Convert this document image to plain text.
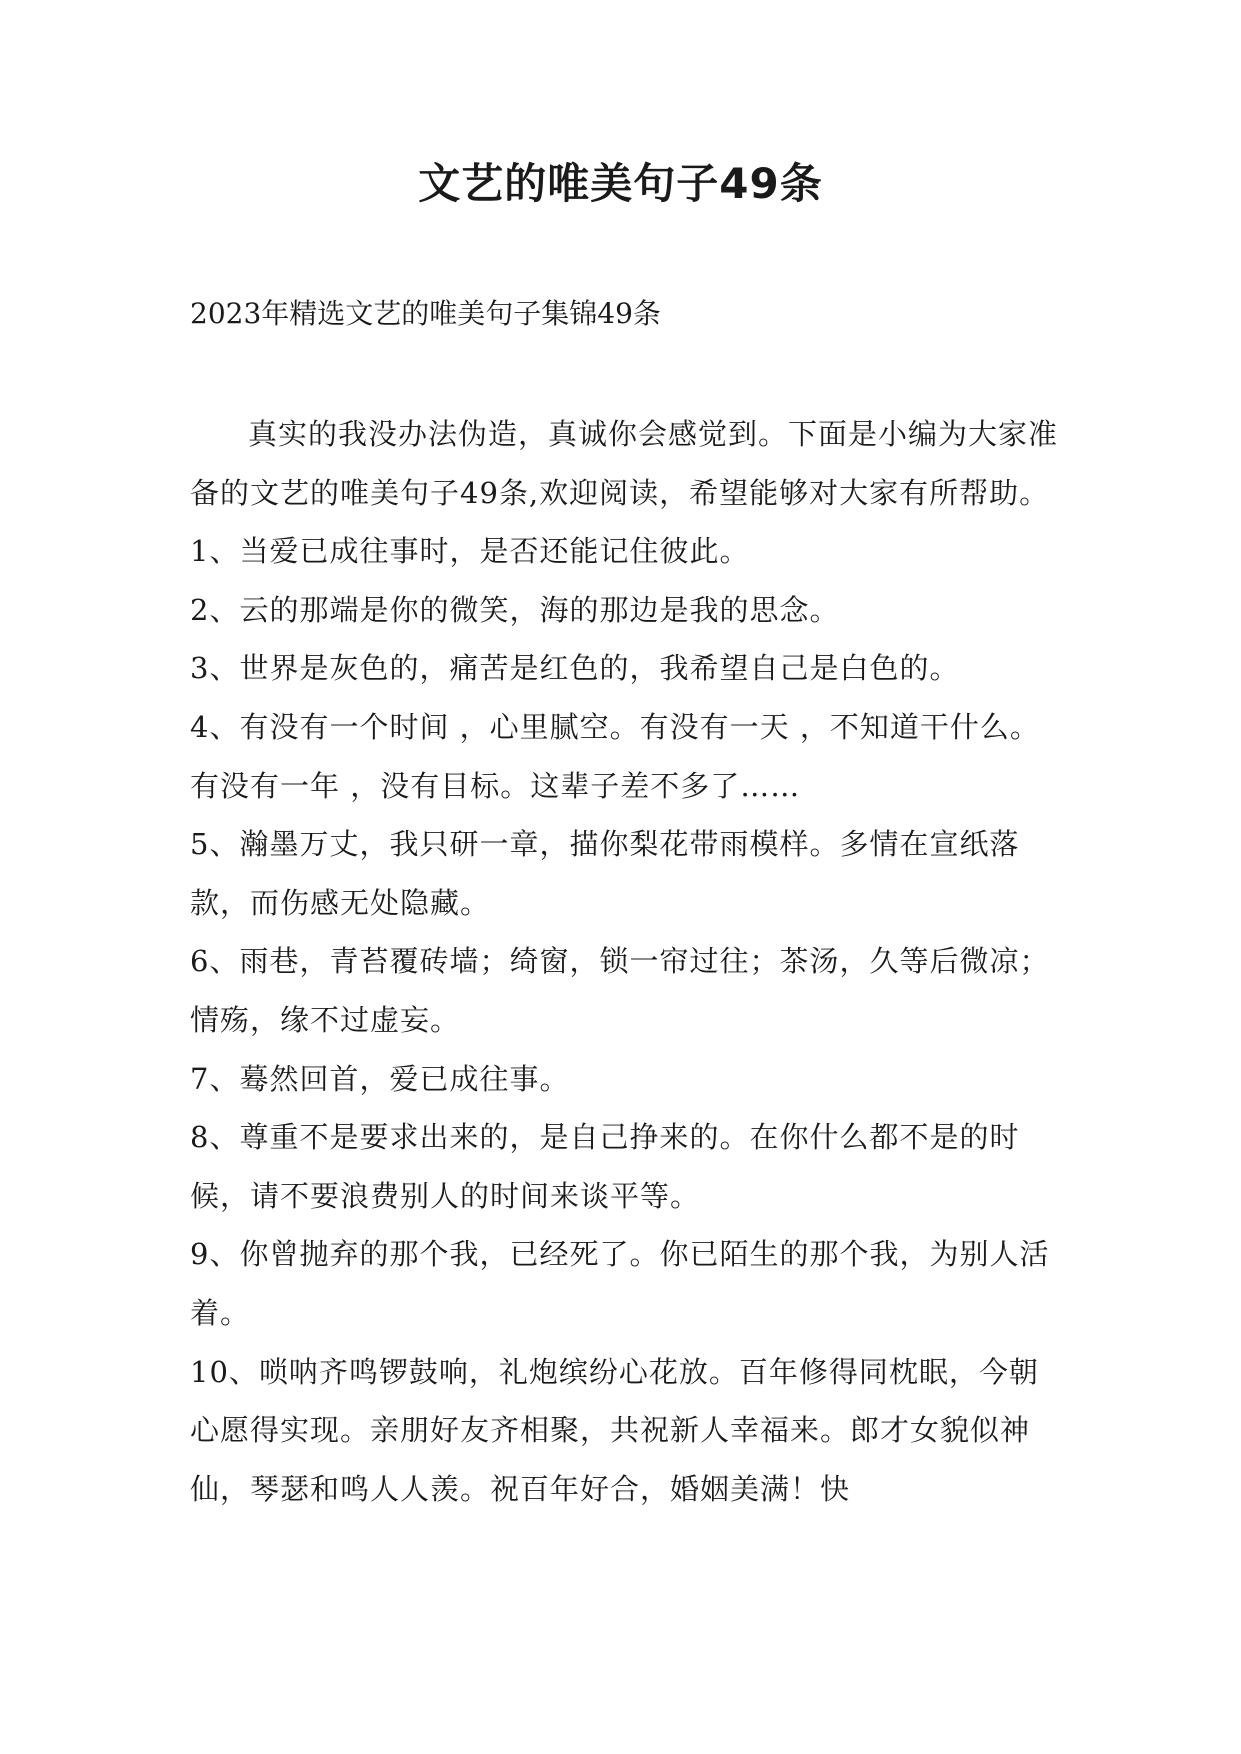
文艺的唯美句子49条
2023年精选文艺的唯美句子集锦49条

真实的我没办法伪造，真诚你会感觉到。下面是小编为大家准备的文艺的唯美句子49条,欢迎阅读，希望能够对大家有所帮助。

1、当爱已成往事时，是否还能记住彼此。

2、云的那端是你的微笑，海的那边是我的思念。

3、世界是灰色的，痛苦是红色的，我希望自己是白色的。

4、有没有一个时间 ，心里腻空。有没有一天 ，不知道干什么。有没有一年 ，没有目标。这辈子差不多了……

5、瀚墨万丈，我只研一章，描你梨花带雨模样。多情在宣纸落款，而伤感无处隐藏。

6、雨巷，青苔覆砖墙；绮窗，锁一帘过往；茶汤，久等后微凉；情殇，缘不过虚妄。

7、蓦然回首，爱已成往事。

8、尊重不是要求出来的，是自己挣来的。在你什么都不是的时候，请不要浪费别人的时间来谈平等。

9、你曾抛弃的那个我，已经死了。你已陌生的那个我，为别人活着。

10、唢呐齐鸣锣鼓响，礼炮缤纷心花放。百年修得同枕眠，今朝心愿得实现。亲朋好友齐相聚，共祝新人幸福来。郎才女貌似神仙，琴瑟和鸣人人羡。祝百年好合，婚姻美满！快
